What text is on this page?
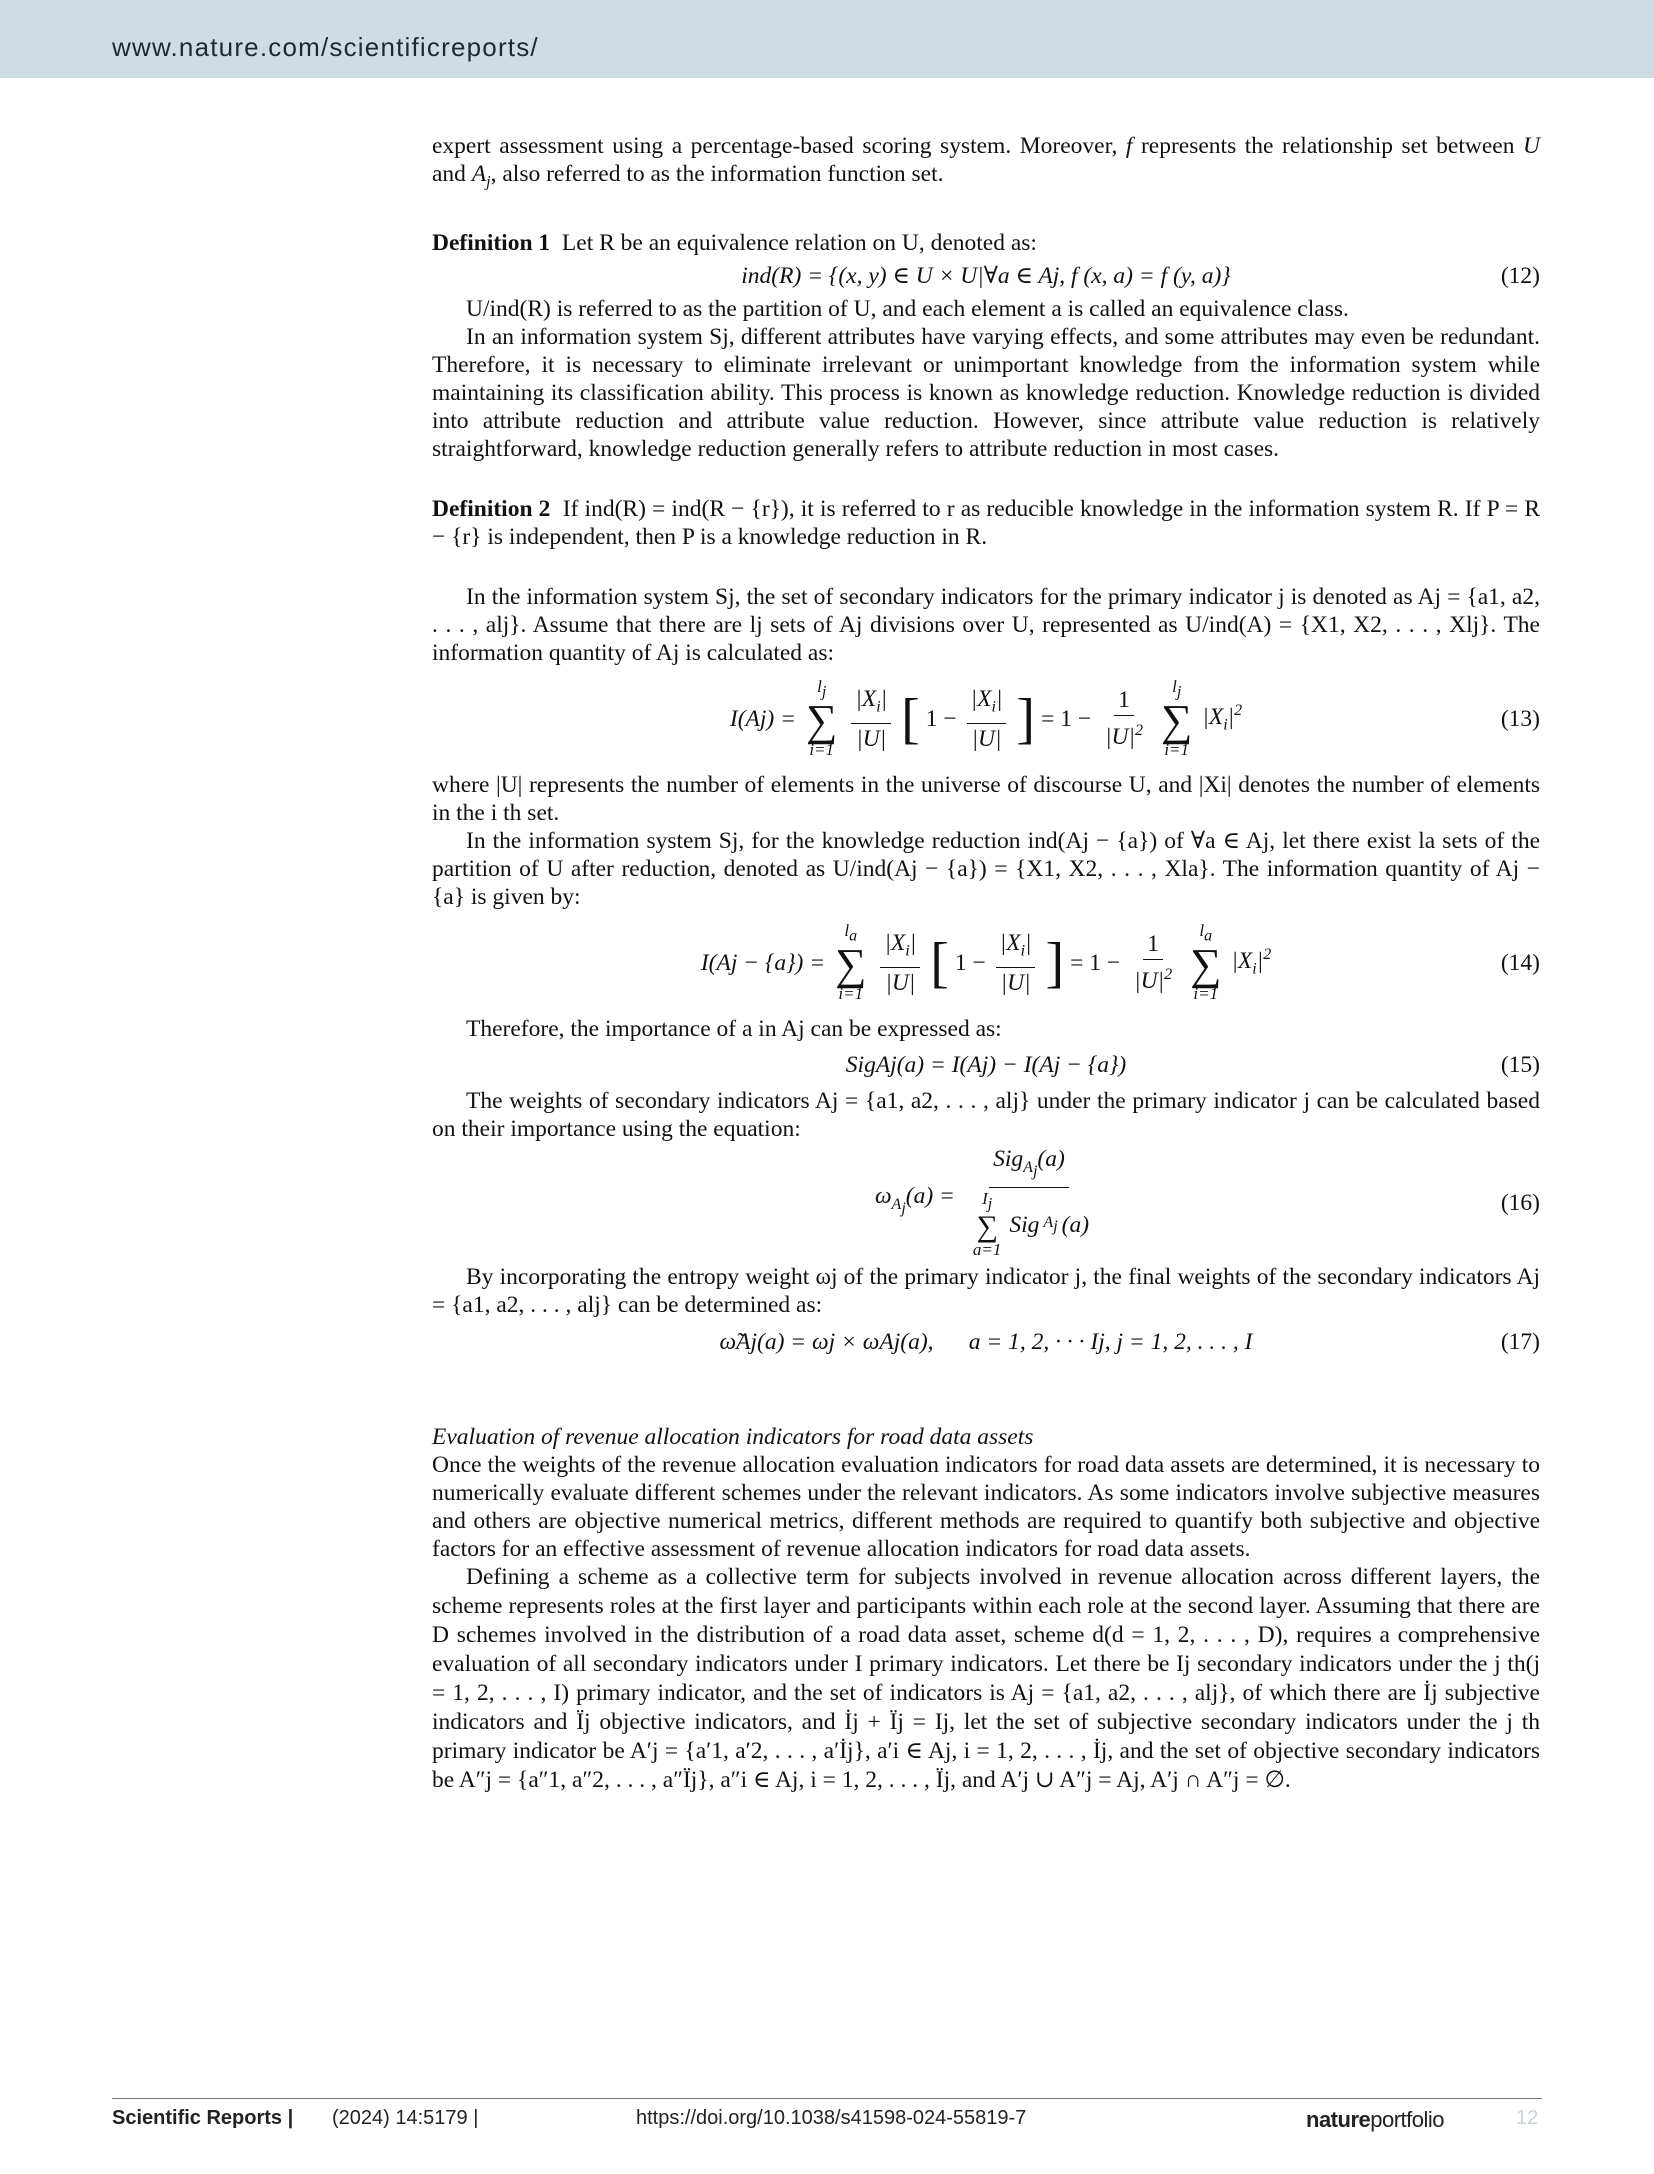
www.nature.com/scientificreports/

expert assessment using a percentage-based scoring system. Moreover, f represents the relationship set between U and $A_j$, also referred to as the information function set.

Definition 1 Let R be an equivalence relation on U, denoted as:

ind(R) = {(x, y) ∈ U × U|∀a ∈ Aj, f (x, a) = f (y, a)}	(12)

U/ind(R) is referred to as the partition of U, and each element a is called an equivalence class.

In an information system Sj, different attributes have varying effects, and some attributes may even be redundant. Therefore, it is necessary to eliminate irrelevant or unimportant knowledge from the information system while maintaining its classification ability. This process is known as knowledge reduction. Knowledge reduction is divided into attribute reduction and attribute value reduction. However, since attribute value reduction is relatively straightforward, knowledge reduction generally refers to attribute reduction in most cases.

Definition 2 If ind(R) = ind(R − {r}), it is referred to r as reducible knowledge in the information system R. If P = R − {r} is independent, then P is a knowledge reduction in R.

In the information system Sj, the set of secondary indicators for the primary indicator j is denoted as Aj = {a1, a2, . . . , alj}. Assume that there are lj sets of Aj divisions over U, represented as U/ind(A) = {X1, X2, . . . , Xlj}. The information quantity of Aj is calculated as:

I(Aj) =
$l_j$
∑
$i=1 \frac{|X_i|}{|U|}$ [ $1 - \frac{|X_i|}{|U|}$ ] = $1 - \frac{1}{|U|^2}$
$l_j$
∑
i=1
$|X_i|^2$	(13)

where |U| represents the number of elements in the universe of discourse U, and |Xi| denotes the number of elements in the i th set.

In the information system Sj, for the knowledge reduction ind(Aj − {a}) of ∀a ∈ Aj, let there exist la sets of the partition of U after reduction, denoted as U/ind(Aj − {a}) = {X1, X2, . . . , Xla}. The information quantity of Aj − {a} is given by:

I(Aj − {a}) =
$l_a$
∑
$i=1 \frac{|X_i|}{|U|}$ [ $1 - \frac{|X_i|}{|U|}$ ] = $1 - \frac{1}{|U|^2}$
$l_a$
∑
i=1
$|X_i|^2$	(14)

Therefore, the importance of a in Aj can be expressed as:

SigAj(a) = I(Aj) − I(Aj − {a})	(15)

The weights of secondary indicators Aj = {a1, a2, . . . , alj} under the primary indicator j can be calculated based on their importance using the equation:

$\omega_{A_j}(a) = Sig_{A_j}(a)$
$I_j$
∑
a=1
Sig $A_j$ (a)	(16)

By incorporating the entropy weight ωj of the primary indicator j, the final weights of the secondary indicators Aj = {a1, a2, . . . , alj} can be determined as:

ω̃Aj(a) = ωj × ωAj(a),      a = 1, 2, · · · Ij, j = 1, 2, . . . , I	(17)

Evaluation of revenue allocation indicators for road data assets

Once the weights of the revenue allocation evaluation indicators for road data assets are determined, it is necessary to numerically evaluate different schemes under the relevant indicators. As some indicators involve subjective measures and others are objective numerical metrics, different methods are required to quantify both subjective and objective factors for an effective assessment of revenue allocation indicators for road data assets.

Defining a scheme as a collective term for subjects involved in revenue allocation across different layers, the scheme represents roles at the first layer and participants within each role at the second layer. Assuming that there are D schemes involved in the distribution of a road data asset, scheme d(d = 1, 2, . . . , D), requires a comprehensive evaluation of all secondary indicators under I primary indicators. Let there be Ij secondary indicators under the j th(j = 1, 2, . . . , I) primary indicator, and the set of indicators is Aj = {a1, a2, . . . , alj}, of which there are İj subjective indicators and Ïj objective indicators, and İj + Ïj = Ij, let the set of subjective secondary indicators under the j th primary indicator be A′j = {a′1, a′2, . . . , a′İj}, a′i ∈ Aj, i = 1, 2, . . . , İj, and the set of objective secondary indicators be A″j = {a″1, a″2, . . . , a″Ïj}, a″i ∈ Aj, i = 1, 2, . . . , Ïj, and A′j ∪ A″j = Aj, A′j ∩ A″j = ∅.

Scientific Reports | (2024) 14:5179 |	https://doi.org/10.1038/s41598-024-55819-7	natureportfolio	12
